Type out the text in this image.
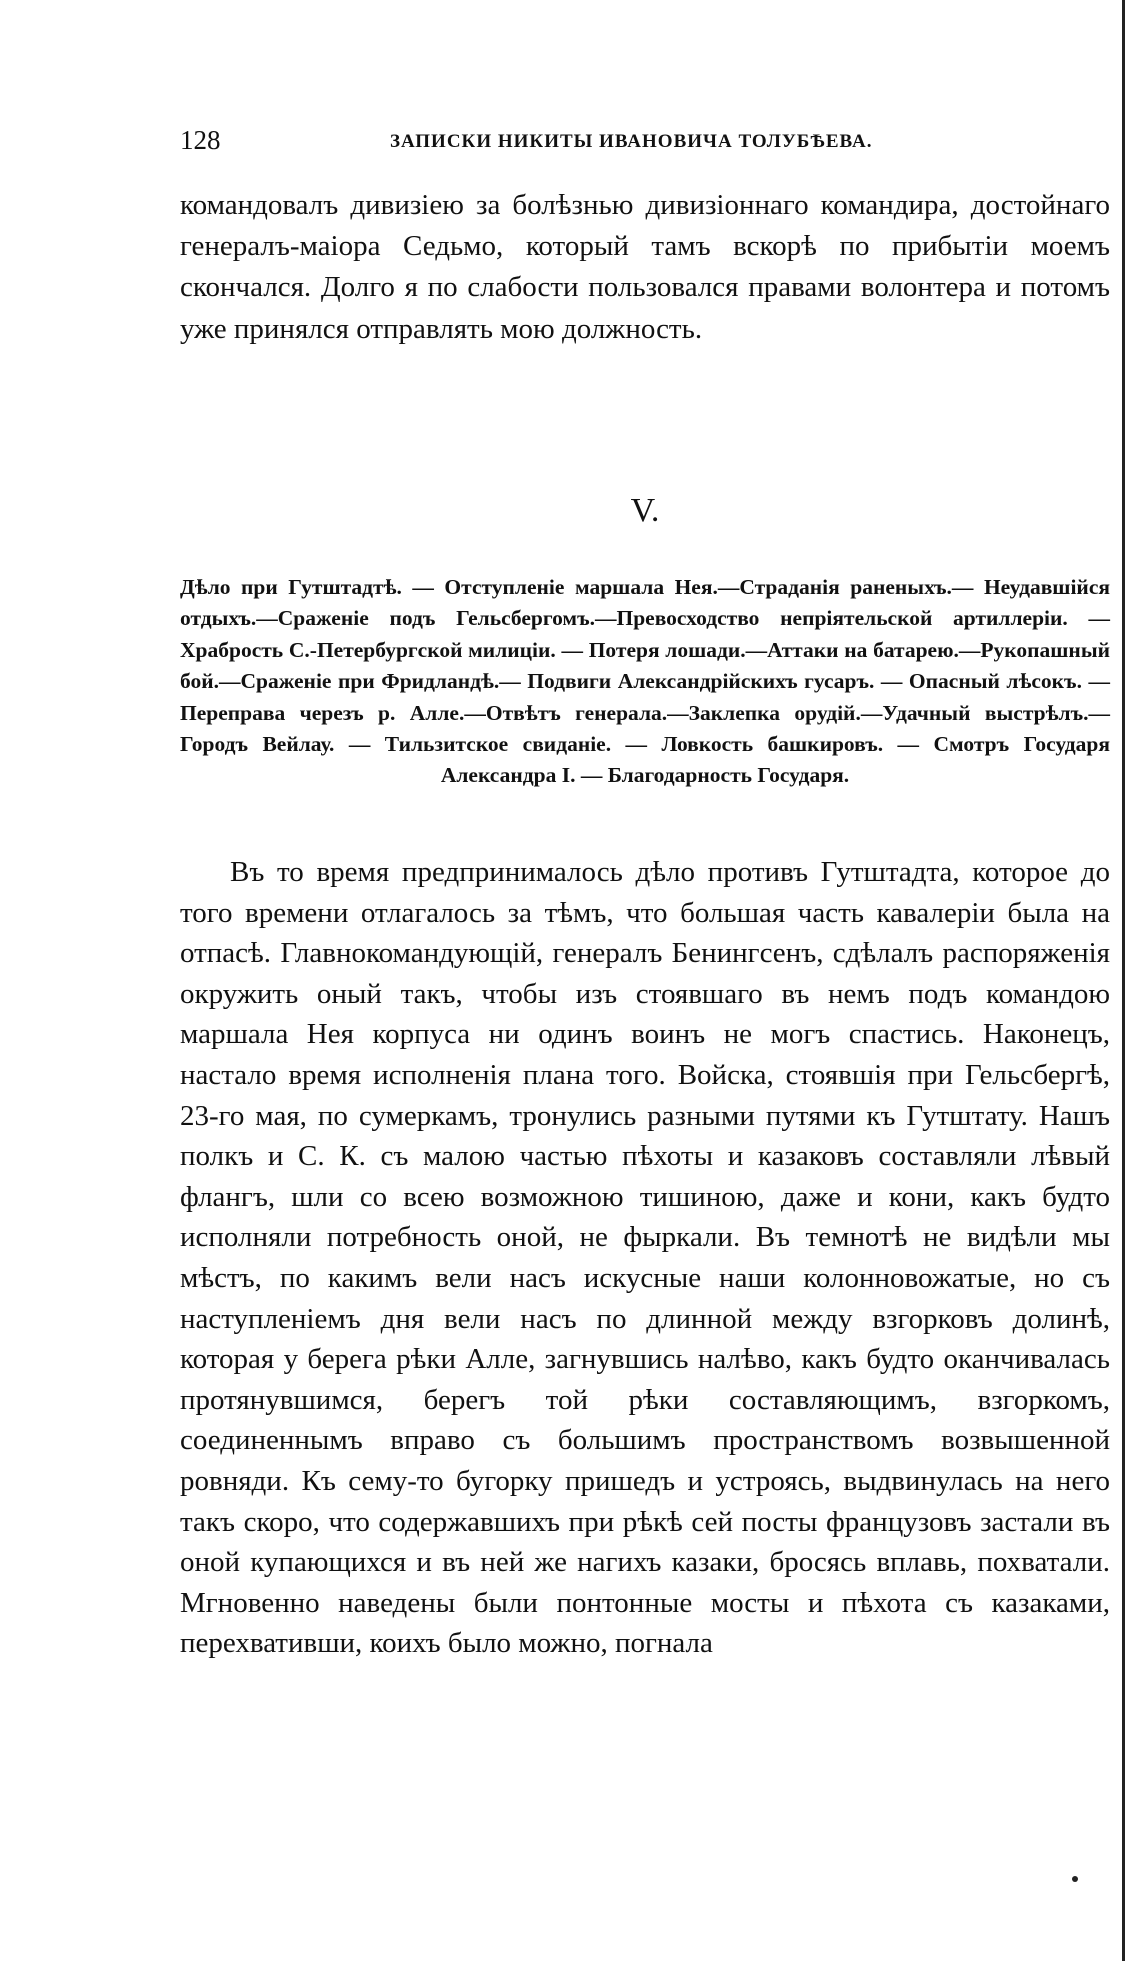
128	ЗАПИСКИ НИКИТЫ ИВАНОВИЧА ТОЛУБѢЕВА.

командовалъ дивизiею за болѣзнью дивизiоннаго командира, достойнаго генералъ-маiора Седьмо, который тамъ вскорѣ по прибытiи моемъ скончался. Долго я по слабости пользовался правами волонтера и потомъ уже принялся отправлять мою должность.

V.

Дѣло при Гутштадтѣ. — Отступленiе маршала Нея.—Страданiя раненыхъ.— Неудавшiйся отдыхъ.—Сраженiе подъ Гельсбергомъ.—Превосходство непрiятельской артиллерiи. — Храбрость С.-Петербургской милицiи. — Потеря лошади.—Аттаки на батарею.—Рукопашный бой.—Сраженiе при Фридландѣ.— Подвиги Александрiйскихъ гусаръ. — Опасный лѣсокъ. — Переправа черезъ р. Алле.—Отвѣтъ генерала.—Заклепка орудiй.—Удачный выстрѣлъ.—Городъ Вейлау. — Тильзитское свиданiе. — Ловкость башкировъ. — Смотръ Государя Александра I. — Благодарность Государя.

Въ то время предпринималось дѣло противъ Гутштадта, которое до того времени отлагалось за тѣмъ, что большая часть кавалерiи была на отпасѣ. Главнокомандующiй, генералъ Бенингсенъ, сдѣлалъ распоряженiя окружить оный такъ, чтобы изъ стоявшаго въ немъ подъ командою маршала Нея корпуса ни одинъ воинъ не могъ спастись. Наконецъ, настало время исполненiя плана того. Войска, стоявшiя при Гельсбергѣ, 23-го мая, по сумеркамъ, тронулись разными путями къ Гутштату. Нашъ полкъ и С. К. съ малою частью пѣхоты и казаковъ составляли лѣвый флангъ, шли со всею возможною тишиною, даже и кони, какъ будто исполняли потребность оной, не фыркали. Въ темнотѣ не видѣли мы мѣстъ, по какимъ вели насъ искусные наши колонновожатые, но съ наступленiемъ дня вели насъ по длинной между взгорковъ долинѣ, которая у берега рѣки Алле, загнувшись налѣво, какъ будто оканчивалась протянувшимся, берегъ той рѣки составляющимъ, взгоркомъ, соединеннымъ вправо съ большимъ пространствомъ возвышенной ровняди. Къ сему-то бугорку пришедъ и устроясь, выдвинулась на него такъ скоро, что содержавшихъ при рѣкѣ сей посты французовъ застали въ оной купающихся и въ ней же нагихъ казаки, бросясь вплавь, похватали. Мгновенно наведены были понтонные мосты и пѣхота съ казаками, перехвативши, коихъ было можно, погнала
